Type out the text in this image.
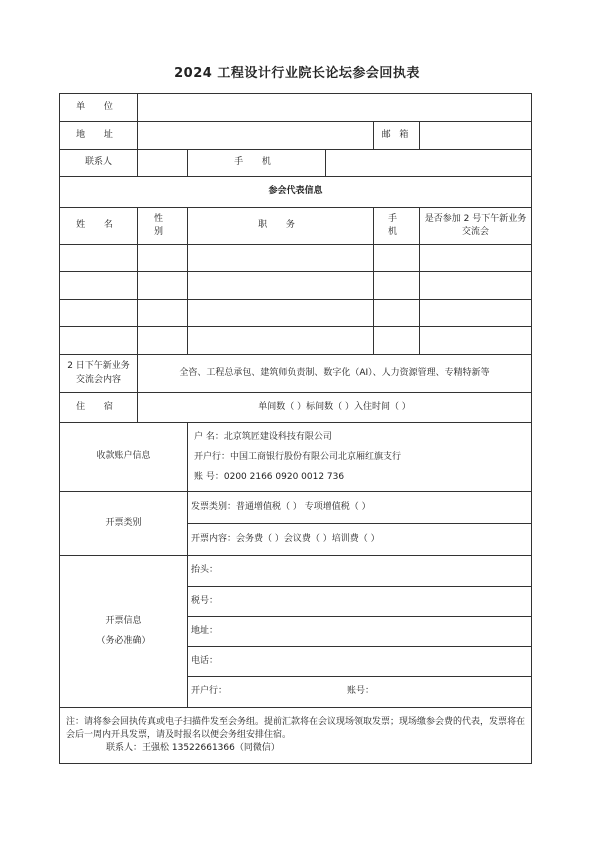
2024 工程设计行业院长论坛参会回执表
单 位					
地 址				邮 箱	
联系人		手 机			
参会代表信息					
姓 名	性 别	职 务		手 机	是否参加 2 号下午新业务交流会

2 日下午新业务交流会内容	全咨、工程总承包、建筑师负责制、数字化（AI）、人力资源管理、专精特新等				
住 宿	单间数（ ）标间数（ ）入住时间（ ）				
收款账户信息		户 名：北京筑匠建设科技有限公司
开户行：中国工商银行股份有限公司北京厢红旗支行
账 号：0200 2166 0920 0012 736			

开票类别		发票类别：普通增值税（ ） 专项增值税（ ）			
		开票内容：会务费（ ）会议费（ ）培训费（ ）			

开票信息
（务必准确）		抬头：			
		税号：			
		地址：			
		电话：			
		开户行： 账号：			

注：请将参会回执传真或电子扫描件发至会务组。提前汇款将在会议现场领取发票；现场缴参会费的代表，发票将在会后一周内开具发票，请及时报名以便会务组安排住宿。
联系人：王强松 13522661366（同微信）					
